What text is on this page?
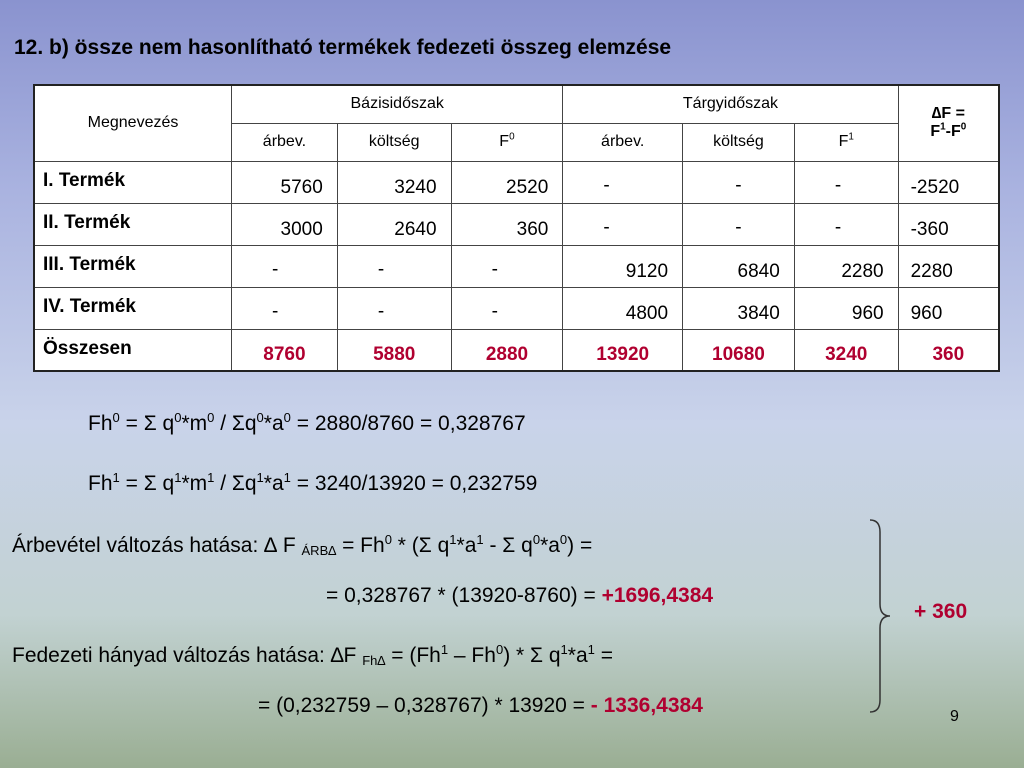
12. b) össze nem hasonlítható termékek fedezeti összeg elemzése
Megnevezés	Bázisidőszak			Tárgyidőszak			∆F =
$F^1-F^0$
	árbev.	költség	$F^0$	árbev.	költség	$F^1$
I. Termék	5760	3240	2520	-	-	-	-2520
II. Termék	3000	2640	360	-	-	-	-360
III. Termék	-	-	-	9120	6840	2280	2280
IV. Termék	-	-	-	4800	3840	960	960
Összesen	8760	5880	2880	13920	10680	3240	360
$Fh^0 = \Sigma$ $q^0*m^0 / \Sigma q^0*a^0 = 2880/8760 = 0,328767$
$Fh^1 = \Sigma$ $q^1*m^1 / \Sigma q^1*a^1 = 3240/13920 = 0,232759$
Árbevétel változás hatása: ∆ F $_{ÁRB\Delta} = Fh^0 * (\Sigma$ $q^1*a^1$ - Σ $q^0*a^0$) =
= 0,328767 * (13920-8760) = +1696,4384
Fedezeti hányad változás hatása: ∆F $_{Fh\Delta} = (Fh^1 - Fh^0) * \Sigma$ $q^1*a^1$ =
= (0,232759 – 0,328767) * 13920 = - 1336,4384
+ 360
9
